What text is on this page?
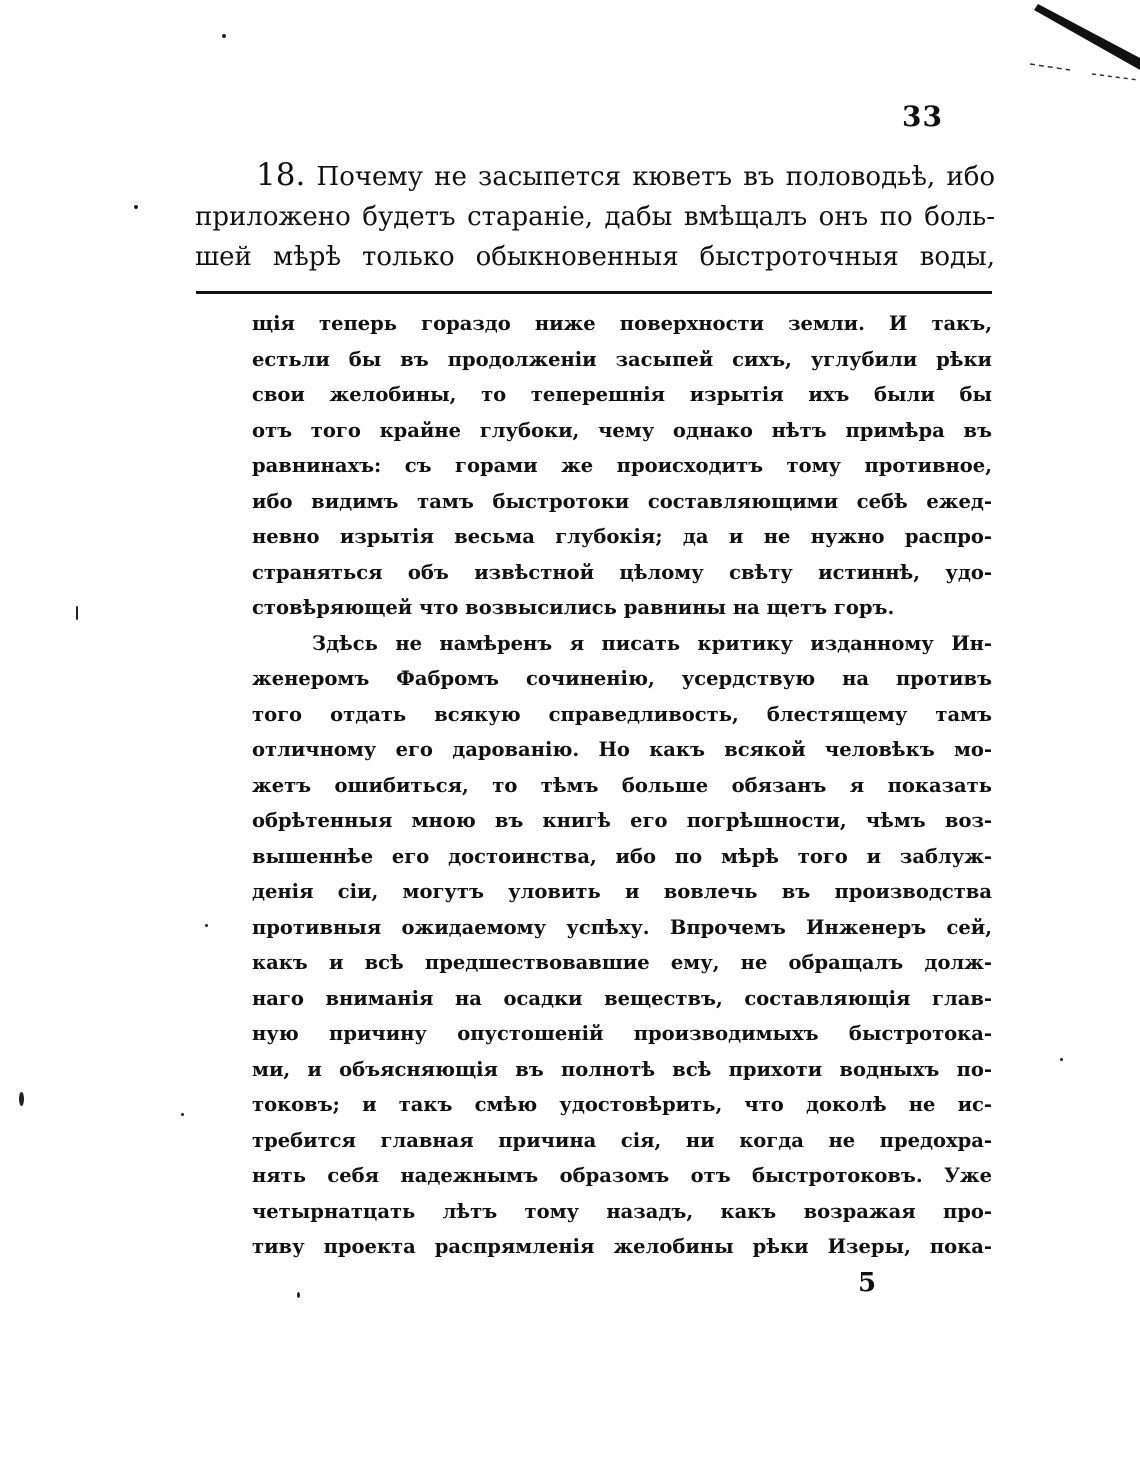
33
18. Почему не засыпется кюветъ въ половодьѣ, ибо
приложено будетъ стараніе, дабы вмѣщалъ онъ по боль-
шей мѣрѣ только обыкновенныя быстроточныя воды,
щія теперь гораздо ниже поверхности земли. И такъ,
естьли бы въ продолженіи засыпей сихъ, углубили рѣки
свои желобины, то теперешнія изрытія ихъ были бы
отъ того крайне глубоки, чему однако нѣтъ примѣра въ
равнинахъ: съ горами же происходитъ тому противное,
ибо видимъ тамъ быстротоки составляющими себѣ ежед-
невно изрытія весьма глубокія; да и не нужно распро-
страняться объ извѣстной цѣлому свѣту истиннѣ, удо-
стовѣряющей что возвысились равнины на щетъ горъ.
Здѣсь не намѣренъ я писать критику изданному Ин-
женеромъ Фабромъ сочиненію, усердствую на противъ
того отдать всякую справедливость, блестящему тамъ
отличному его дарованію. Но какъ всякой человѣкъ мо-
жетъ ошибиться, то тѣмъ больше обязанъ я показать
обрѣтенныя мною въ книгѣ его погрѣшности, чѣмъ воз-
вышеннѣе его достоинства, ибо по мѣрѣ того и заблуж-
денія сіи, могутъ уловить и вовлечь въ производства
противныя ожидаемому успѣху. Впрочемъ Инженеръ сей,
какъ и всѣ предшествовавшие ему, не обращалъ долж-
наго вниманія на осадки веществъ, составляющія глав-
ную причину опустошеній производимыхъ быстротока-
ми, и объясняющія въ полнотѣ всѣ прихоти водныхъ по-
токовъ; и такъ смѣю удостовѣрить, что доколѣ не ис-
требится главная причина сія, ни когда не предохра-
нять себя надежнымъ образомъ отъ быстротоковъ. Уже
четырнатцать лѣтъ тому назадъ, какъ возражая про-
тиву проекта распрямленія желобины рѣки Изеры, пока-
5
